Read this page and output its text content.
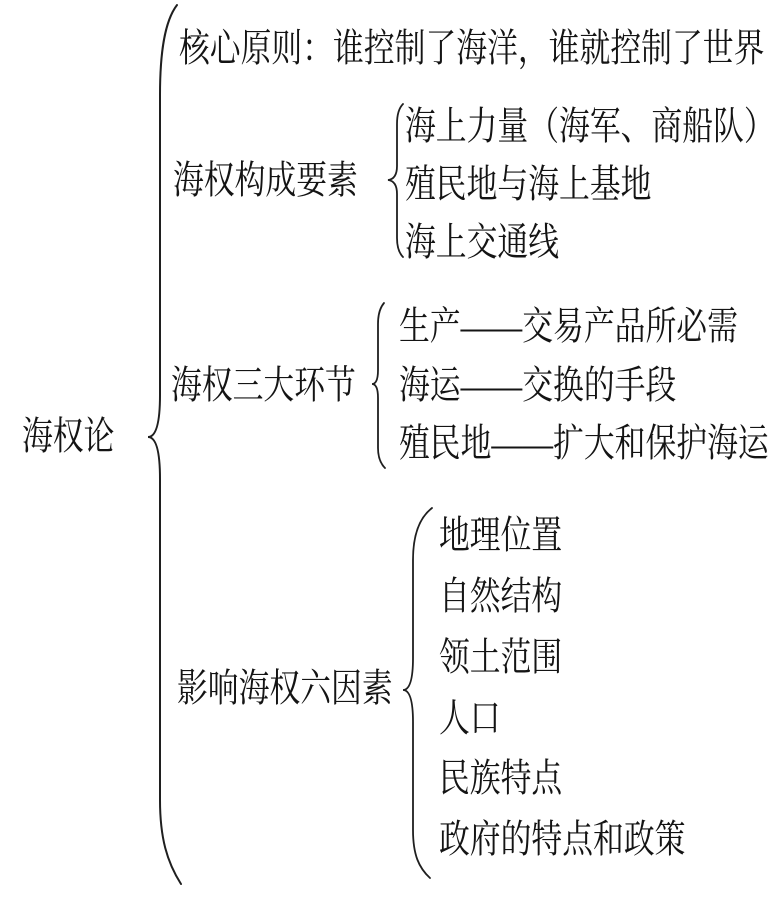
海权论
核心原则：谁控制了海洋，谁就控制了世界
海权构成要素
海上力量（海军、商船队）
殖民地与海上基地
海上交通线
海权三大环节
生产——交易产品所必需
海运——交换的手段
殖民地——扩大和保护海运
影响海权六因素
地理位置
自然结构
领土范围
人口
民族特点
政府的特点和政策
